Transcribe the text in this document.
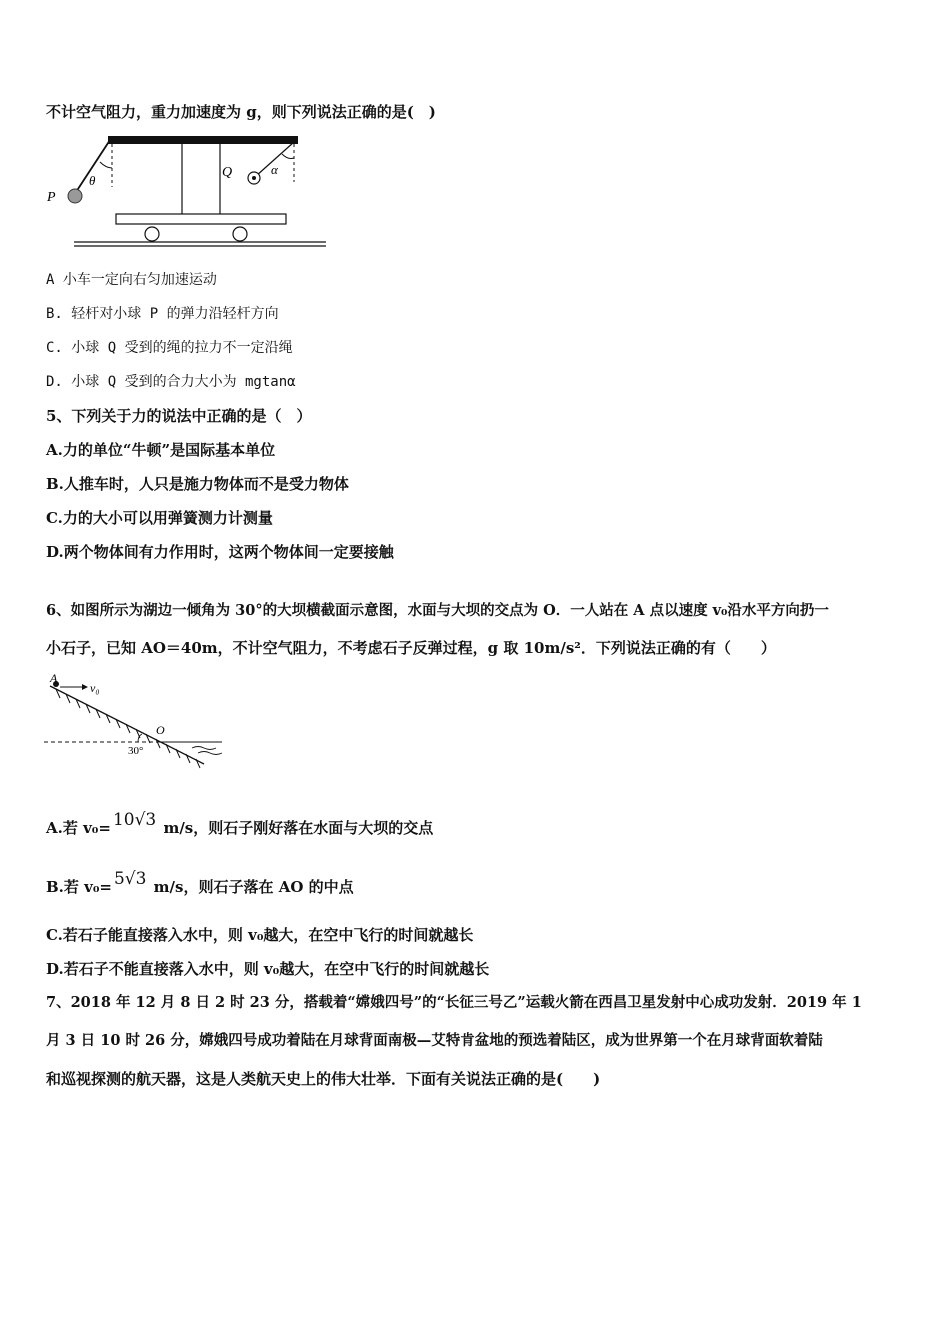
不计空气阻力，重力加速度为 g，则下列说法正确的是(　)
P
θ
Q	α
A 小车一定向右匀加速运动
B. 轻杆对小球 P 的弹力沿轻杆方向
C. 小球 Q 受到的绳的拉力不一定沿绳
D. 小球 Q 受到的合力大小为 mgtanα
5、下列关于力的说法中正确的是（　）
A.力的单位“牛顿”是国际基本单位
B.人推车时，人只是施力物体而不是受力物体
C.力的大小可以用弹簧测力计测量
D.两个物体间有力作用时，这两个物体间一定要接触
6、如图所示为湖边一倾角为 30°的大坝横截面示意图，水面与大坝的交点为 O．一人站在 A 点以速度 v₀沿水平方向扔一
小石子，已知 AO＝40m，不计空气阻力，不考虑石子反弹过程，g 取 10m/s²．下列说法正确的有（　　）
A
v₀
O
30°
A.若 v₀= 10√3 m/s，则石子刚好落在水面与大坝的交点
B.若 v₀= 5√3 m/s，则石子落在 AO 的中点
C.若石子能直接落入水中，则 v₀越大，在空中飞行的时间就越长
D.若石子不能直接落入水中，则 v₀越大，在空中飞行的时间就越长
7、2018 年 12 月 8 日 2 时 23 分，搭载着“嫦娥四号”的“长征三号乙”运载火箭在西昌卫星发射中心成功发射．2019 年 1
月 3 日 10 时 26 分，嫦娥四号成功着陆在月球背面南极—艾特肯盆地的预选着陆区，成为世界第一个在月球背面软着陆
和巡视探测的航天器，这是人类航天史上的伟大壮举．下面有关说法正确的是(　　)
